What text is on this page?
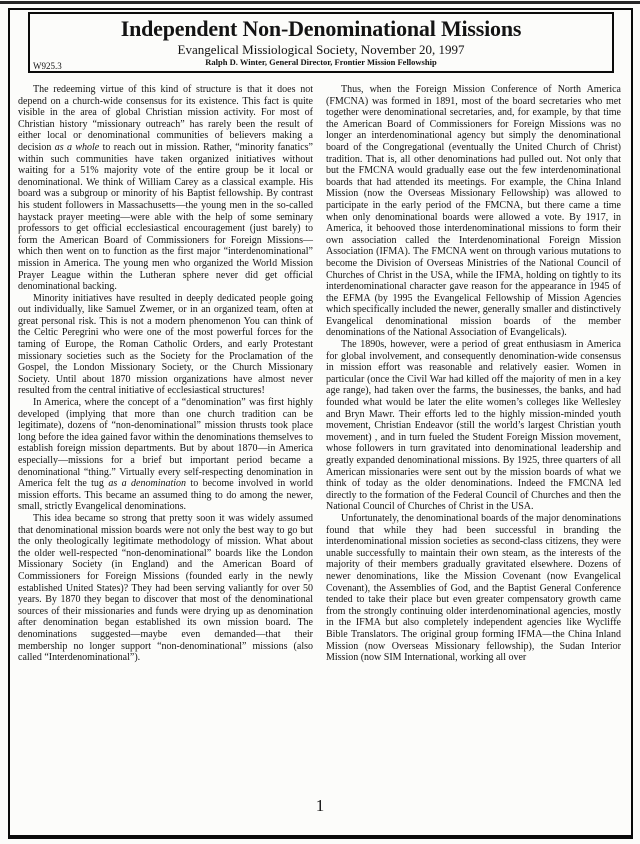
Independent Non-Denominational Missions

Evangelical Missiological Society, November 20, 1997

Ralph D. Winter, General Director, Frontier Mission Fellowship

W925.3

The redeeming virtue of this kind of structure is that it does not depend on a church-wide consensus for its existence. This fact is quite visible in the area of global Christian mission activity. For most of Christian history “missionary outreach” has rarely been the result of either local or denominational communities of believers making a decision as a whole to reach out in mission. Rather, “minority fanatics” within such communities have taken organized initiatives without waiting for a 51% majority vote of the entire group be it local or denominational. We think of William Carey as a classical example. His board was a subgroup or minority of his Baptist fellowship. By contrast his student followers in Massachusetts—the young men in the so-called haystack prayer meeting—were able with the help of some seminary professors to get official ecclesiastical encouragement (just barely) to form the American Board of Commissioners for Foreign Missions—which then went on to function as the first major “interdenominational” mission in America. The young men who organized the World Mission Prayer League within the Lutheran sphere never did get official denominational backing.

Minority initiatives have resulted in deeply dedicated people going out individually, like Samuel Zwemer, or in an organized team, often at great personal risk. This is not a modern phenomenon You can think of the Celtic Peregrini who were one of the most powerful forces for the taming of Europe, the Roman Catholic Orders, and early Protestant missionary societies such as the Society for the Proclamation of the Gospel, the London Missionary Society, or the Church Missionary Society. Until about 1870 mission organizations have almost never resulted from the central initiative of ecclesiastical structures!

In America, where the concept of a “denomination” was first highly developed (implying that more than one church tradition can be legitimate), dozens of “non-denominational” mission thrusts took place long before the idea gained favor within the denominations themselves to establish foreign mission departments. But by about 1870—in America especially—missions for a brief but important period became a denominational “thing.” Virtually every self-respecting denomination in America felt the tug as a denomination to become involved in world mission efforts. This became an assumed thing to do among the newer, small, strictly Evangelical denominations.

This idea became so strong that pretty soon it was widely assumed that denominational mission boards were not only the best way to go but the only theologically legitimate methodology of mission. What about the older well-respected “non-denominational” boards like the London Missionary Society (in England) and the American Board of Commissioners for Foreign Missions (founded early in the newly established United States)? They had been serving valiantly for over 50 years. By 1870 they began to discover that most of the denominational sources of their missionaries and funds were drying up as denomination after denomination began established its own mission board. The denominations suggested—maybe even demanded—that their membership no longer support “non-denominational” missions (also called “Interdenominational”).

Thus, when the Foreign Mission Conference of North America (FMCNA) was formed in 1891, most of the board secretaries who met together were denominational secretaries, and, for example, by that time the American Board of Commissioners for Foreign Missions was no longer an interdenominational agency but simply the denominational board of the Congregational (eventually the United Church of Christ) tradition. That is, all other denominations had pulled out. Not only that but the FMCNA would gradually ease out the few interdenominational boards that had attended its meetings. For example, the China Inland Mission (now the Overseas Missionary Fellowship) was allowed to participate in the early period of the FMCNA, but there came a time when only denominational boards were allowed a vote. By 1917, in America, it behooved those interdenominational missions to form their own association called the Interdenominational Foreign Mission Association (IFMA). The FMCNA went on through various mutations to become the Division of Overseas Ministries of the National Council of Churches of Christ in the USA, while the IFMA, holding on tightly to its interdenominational character gave reason for the appearance in 1945 of the EFMA (by 1995 the Evangelical Fellowship of Mission Agencies which specifically included the newer, generally smaller and distinctively Evangelical denominational mission boards of the member denominations of the National Association of Evangelicals).

The 1890s, however, were a period of great enthusiasm in America for global involvement, and consequently denomination-wide consensus in mission effort was reasonable and relatively easier. Women in particular (once the Civil War had killed off the majority of men in a key age range), had taken over the farms, the businesses, the banks, and had founded what would be later the elite women’s colleges like Wellesley and Bryn Mawr. Their efforts led to the highly mission-minded youth movement, Christian Endeavor (still the world’s largest Christian youth movement) , and in turn fueled the Student Foreign Mission movement, whose followers in turn gravitated into denominational leadership and greatly expanded denominational missions. By 1925, three quarters of all American missionaries were sent out by the mission boards of what we think of today as the older denominations. Indeed the FMCNA led directly to the formation of the Federal Council of Churches and then the National Council of Churches of Christ in the USA.

Unfortunately, the denominational boards of the major denominations found that while they had been successful in branding the interdenominational mission societies as second-class citizens, they were unable successfully to maintain their own steam, as the interests of the majority of their members gradually gravitated elsewhere. Dozens of newer denominations, like the Mission Covenant (now Evangelical Covenant), the Assemblies of God, and the Baptist General Conference tended to take their place but even greater compensatory growth came from the strongly continuing older interdenominational agencies, mostly in the IFMA but also completely independent agencies like Wycliffe Bible Translators. The original group forming IFMA—the China Inland Mission (now Overseas Missionary fellowship), the Sudan Interior Mission (now SIM International, working all over

1
